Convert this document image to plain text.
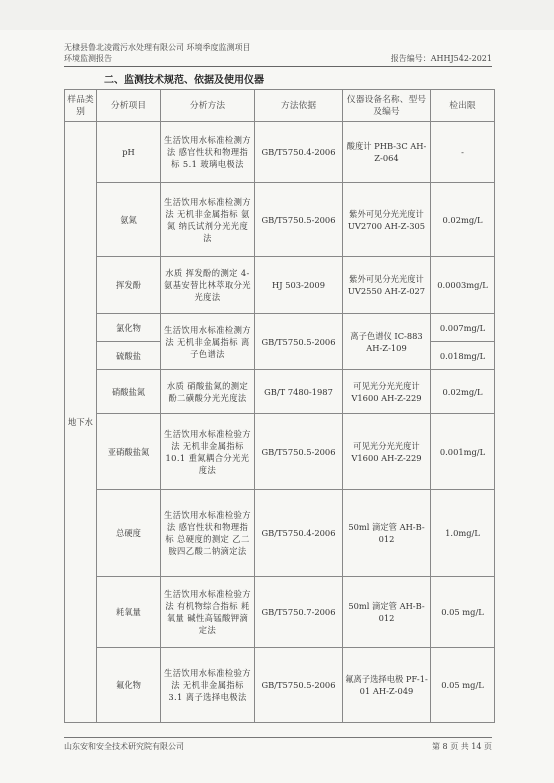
无棣县鲁北凌霞污水处理有限公司 环境季度监测项目
环境监测报告	报告编号：AHHJ542-2021
二、监测技术规范、依据及使用仪器
样品类别	分析项目	分析方法	方法依据	仪器设备名称、型号及编号	检出限
地下水	pH	生活饮用水标准检测方法 感官性状和物理指标 5.1 玻璃电极法	GB/T5750.4-2006	酸度计 PHB-3C AH-Z-064	-
	氨氮	生活饮用水标准检测方法 无机非金属指标 氨氮 纳氏试剂分光光度法	GB/T5750.5-2006	紫外可见分光光度计 UV2700 AH-Z-305	0.02mg/L
	挥发酚	水质 挥发酚的测定 4-氨基安替比林萃取分光光度法	HJ 503-2009	紫外可见分光光度计 UV2550 AH-Z-027	0.0003mg/L
	氯化物	生活饮用水标准检测方法 无机非金属指标 离子色谱法	GB/T5750.5-2006	离子色谱仪 IC-883 AH-Z-109	0.007mg/L
	硫酸盐				0.018mg/L
	硝酸盐氮	水质 硝酸盐氮的测定 酚二磺酸分光光度法	GB/T 7480-1987	可见光分光光度计 V1600 AH-Z-229	0.02mg/L
	亚硝酸盐氮	生活饮用水标准检验方法 无机非金属指标 10.1 重氮耦合分光光度法	GB/T5750.5-2006	可见光分光光度计 V1600 AH-Z-229	0.001mg/L
	总硬度	生活饮用水标准检验方法 感官性状和物理指标 总硬度的测定 乙二胺四乙酸二钠滴定法	GB/T5750.4-2006	50ml 滴定管 AH-B-012	1.0mg/L
	耗氧量	生活饮用水标准检验方法 有机物综合指标 耗氧量 碱性高锰酸钾滴定法	GB/T5750.7-2006	50ml 滴定管 AH-B-012	0.05 mg/L
	氟化物	生活饮用水标准检验方法 无机非金属指标 3.1 离子选择电极法	GB/T5750.5-2006	氟离子选择电极 PF-1-01 AH-Z-049	0.05 mg/L
山东安和安全技术研究院有限公司	第 8 页 共 14 页
